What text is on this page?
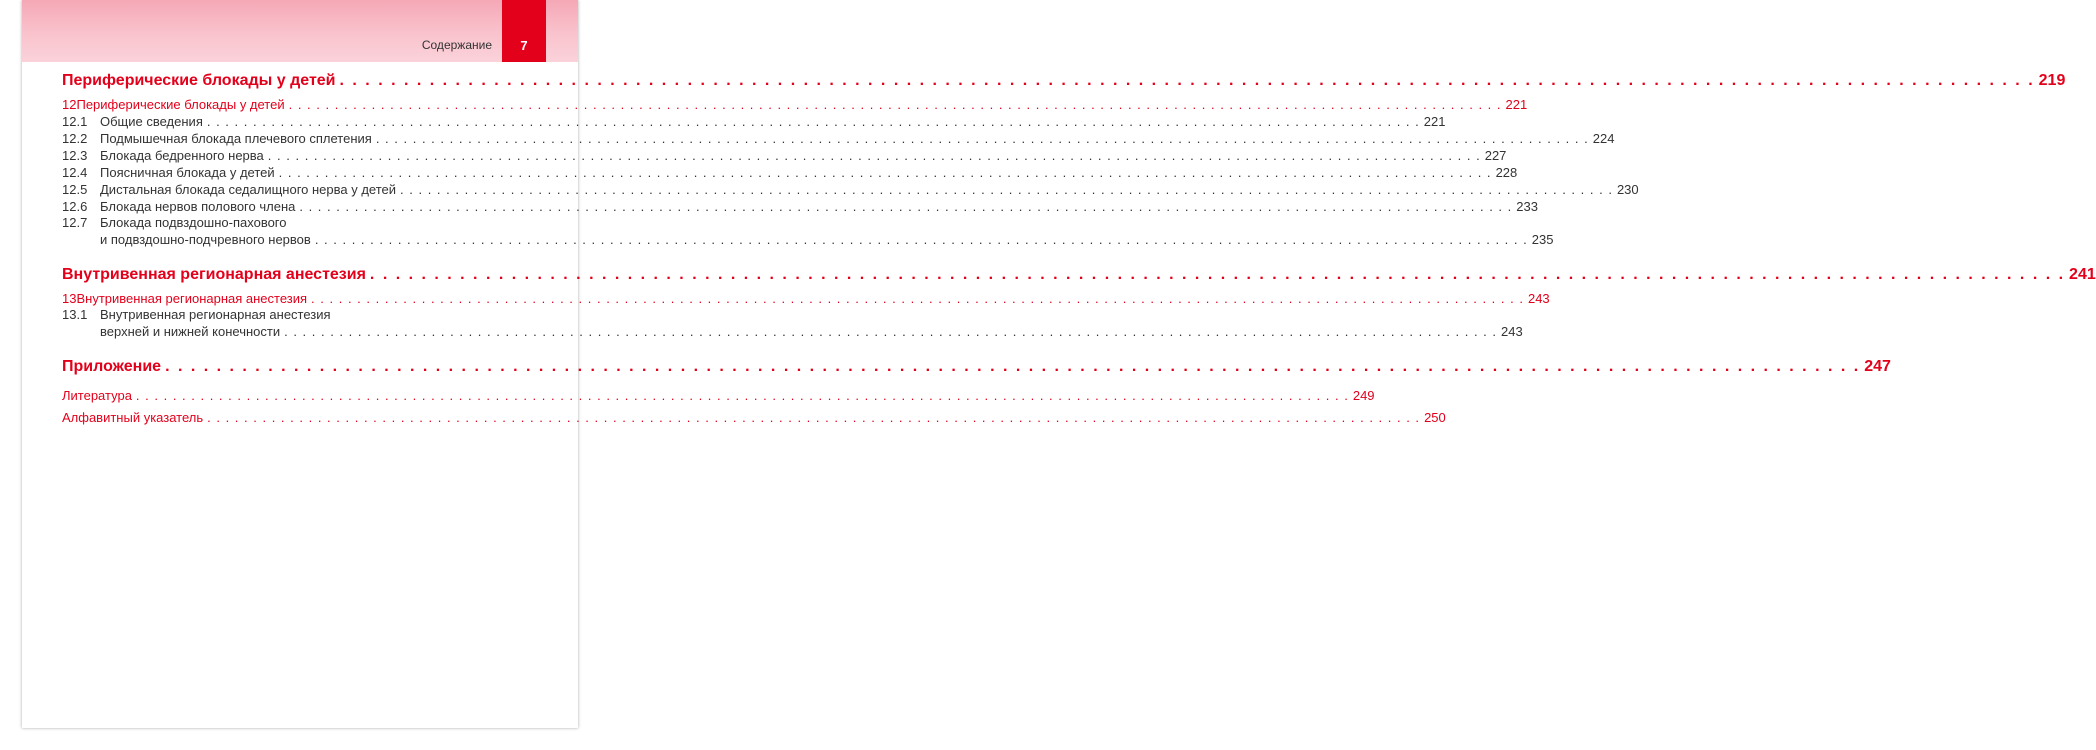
Содержание	7
Периферические блокады у детей . . .	219
12 Периферические блокады у детей . . .	221
12.1 Общие сведения . . .	221
12.2 Подмышечная блокада плечевого сплетения . . .	224
12.3 Блокада бедренного нерва . . .	227
12.4 Поясничная блокада у детей . . .	228
12.5 Дистальная блокада седалищного нерва у детей . . .	230
12.6 Блокада нервов полового члена . . .	233
12.7 Блокада подвздошно-пахового
и подвздошно-подчревного нервов . . .	235
Внутривенная регионарная анестезия . . .	241
13 Внутривенная регионарная анестезия . . .	243
13.1 Внутривенная регионарная анестезия
верхней и нижней конечности . . .	243
Приложение . . .	247
Литература . . .	249
Алфавитный указатель . . .	250
